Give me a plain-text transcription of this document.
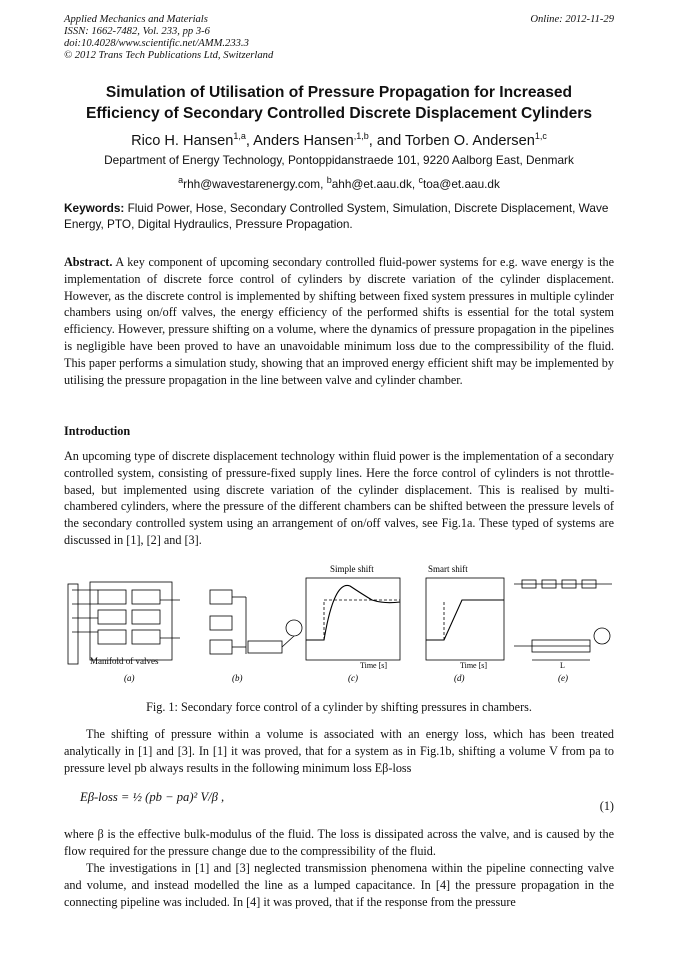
Applied Mechanics and Materials
ISSN: 1662-7482, Vol. 233, pp 3-6
doi:10.4028/www.scientific.net/AMM.233.3
© 2012 Trans Tech Publications Ltd, Switzerland
Online: 2012-11-29
Simulation of Utilisation of Pressure Propagation for Increased
Efficiency of Secondary Controlled Discrete Displacement Cylinders
Rico H. Hansen$^{1,a}$, Anders Hansen$^{,1,b}$, and Torben O. Andersen$^{1,c}$
Department of Energy Technology, Pontoppidanstraede 101, 9220 Aalborg East, Denmark
$^a$rhh@wavestarenergy.com, $^b$ahh@et.aau.dk, $^c$toa@et.aau.dk
Keywords: Fluid Power, Hose, Secondary Controlled System, Simulation, Discrete Displacement, Wave Energy, PTO, Digital Hydraulics, Pressure Propagation.
Abstract. A key component of upcoming secondary controlled fluid-power systems for e.g. wave energy is the implementation of discrete force control of cylinders by discrete variation of the cylinder displacement. However, as the discrete control is implemented by shifting between fixed system pressures in multiple cylinder chambers using on/off valves, the energy efficiency of the performed shifts is essential for the total system efficiency. However, pressure shifting on a volume, where the dynamics of pressure propagation in the pipelines is negligible have been proved to have an unavoidable minimum loss due to the compressibility of the fluid. This paper performs a simulation study, showing that an improved energy efficient shift may be implemented by utilising the pressure propagation in the line between valve and cylinder chamber.
Introduction
An upcoming type of discrete displacement technology within fluid power is the implementation of a secondary controlled system, consisting of pressure-fixed supply lines. Here the force control of cylinders is not throttle-based, but implemented using discrete variation of the cylinder displacement. This is realised by multi-chambered cylinders, where the pressure of the different chambers can be shifted between the pressure levels of the secondary controlled system using an arrangement of on/off valves, see Fig.1a. These typed of systems are discussed in [1], [2] and [3].
Manifold of valves
(a)	(b)
Simple shift
Time [s]
(c)
Smart shift
Time [s]
(d)
L
(e)
Fig. 1: Secondary force control of a cylinder by shifting pressures in chambers.
The shifting of pressure within a volume is associated with an energy loss, which has been treated analytically in [1] and [3]. In [1] it was proved, that for a system as in Fig.1b, shifting a volume V from pa to pressure level pb always results in the following minimum loss Eβ-loss
Eβ-loss = ½ (pb − pa)² V/β ,
(1)
where β is the effective bulk-modulus of the fluid. The loss is dissipated across the valve, and is caused by the flow required for the pressure change due to the compressibility of the fluid.
The investigations in [1] and [3] neglected transmission phenomena within the pipeline connecting valve and volume, and instead modelled the line as a lumped capacitance. In [4] the pressure propagation in the connecting pipeline was included. In [4] it was proved, that if the response from the pressure
